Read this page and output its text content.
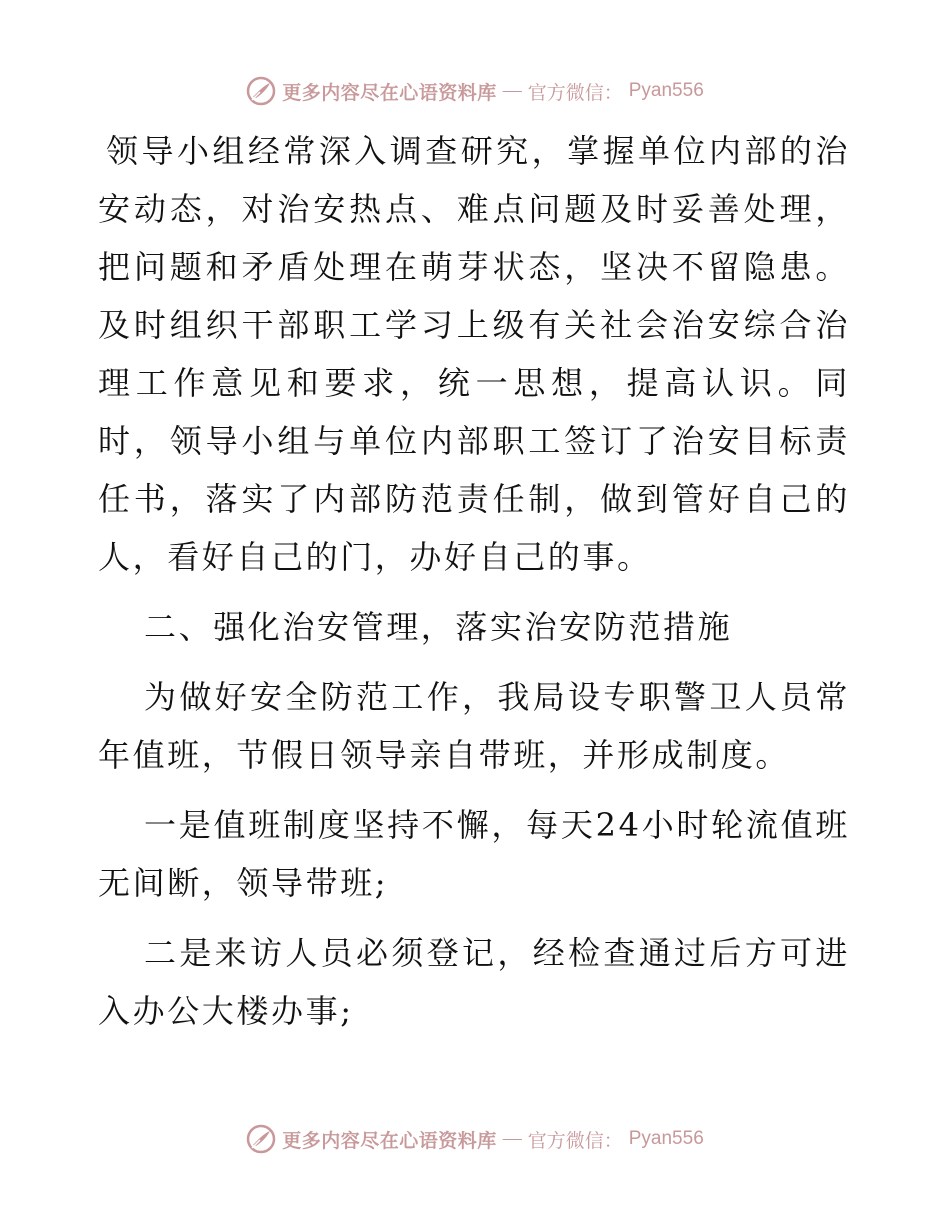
更多内容尽在心语资料库 — 官方微信： Pyan556

领导小组经常深入调查研究，掌握单位内部的治安动态，对治安热点、难点问题及时妥善处理，把问题和矛盾处理在萌芽状态，坚决不留隐患。及时组织干部职工学习上级有关社会治安综合治理工作意见和要求，统一思想，提高认识。同时，领导小组与单位内部职工签订了治安目标责任书，落实了内部防范责任制，做到管好自己的人，看好自己的门，办好自己的事。

二、强化治安管理，落实治安防范措施

为做好安全防范工作，我局设专职警卫人员常年值班，节假日领导亲自带班，并形成制度。

一是值班制度坚持不懈，每天24小时轮流值班无间断，领导带班;

二是来访人员必须登记，经检查通过后方可进入办公大楼办事;

更多内容尽在心语资料库 — 官方微信： Pyan556
